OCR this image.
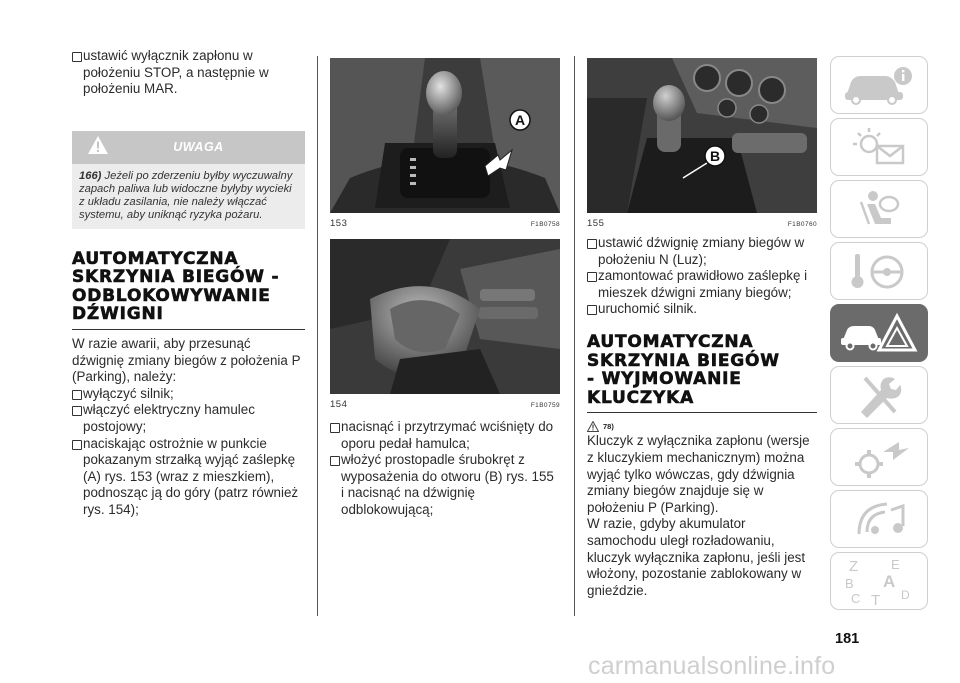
ustawić wyłącznik zapłonu w położeniu STOP, a następnie w położeniu MAR.
UWAGA
166) Jeżeli po zderzeniu byłby wyczuwalny zapach paliwa lub widoczne byłyby wycieki z układu zasilania, nie należy włączać systemu, aby uniknąć ryzyka pożaru.
AUTOMATYCZNA
SKRZYNIA BIEGÓW -
ODBLOKOWYWANIE
DŹWIGNI
W razie awarii, aby przesunąć dźwignię zmiany biegów z położenia P (Parking), należy:
wyłączyć silnik;
włączyć elektryczny hamulec postojowy;
naciskając ostrożnie w punkcie pokazanym strzałką wyjąć zaślepkę (A) rys. 153 (wraz z mieszkiem), podnosząc ją do góry (patrz również rys. 154);
A
153	F1B0758
154	F1B0759
nacisnąć i przytrzymać wciśnięty do oporu pedał hamulca;
włożyć prostopadle śrubokręt z wyposażenia do otworu (B) rys. 155 i nacisnąć na dźwignię odblokowującą;
B
155	F1B0760
ustawić dźwignię zmiany biegów w położeniu N (Luz);
zamontować prawidłowo zaślepkę i mieszek dźwigni zmiany biegów;
uruchomić silnik.
AUTOMATYCZNA
SKRZYNIA BIEGÓW
- WYJMOWANIE
KLUCZYKA
78)
Kluczyk z wyłącznika zapłonu (wersje z kluczykiem mechanicznym) można wyjąć tylko wówczas, gdy dźwignia zmiany biegów znajduje się w położeniu P (Parking).
W razie, gdyby akumulator samochodu uległ rozładowaniu, kluczyk wyłącznika zapłonu, jeśli jest włożony, pozostanie zablokowany w gnieździe.
Z	E
B A
C T D
181
carmanualsonline.info
